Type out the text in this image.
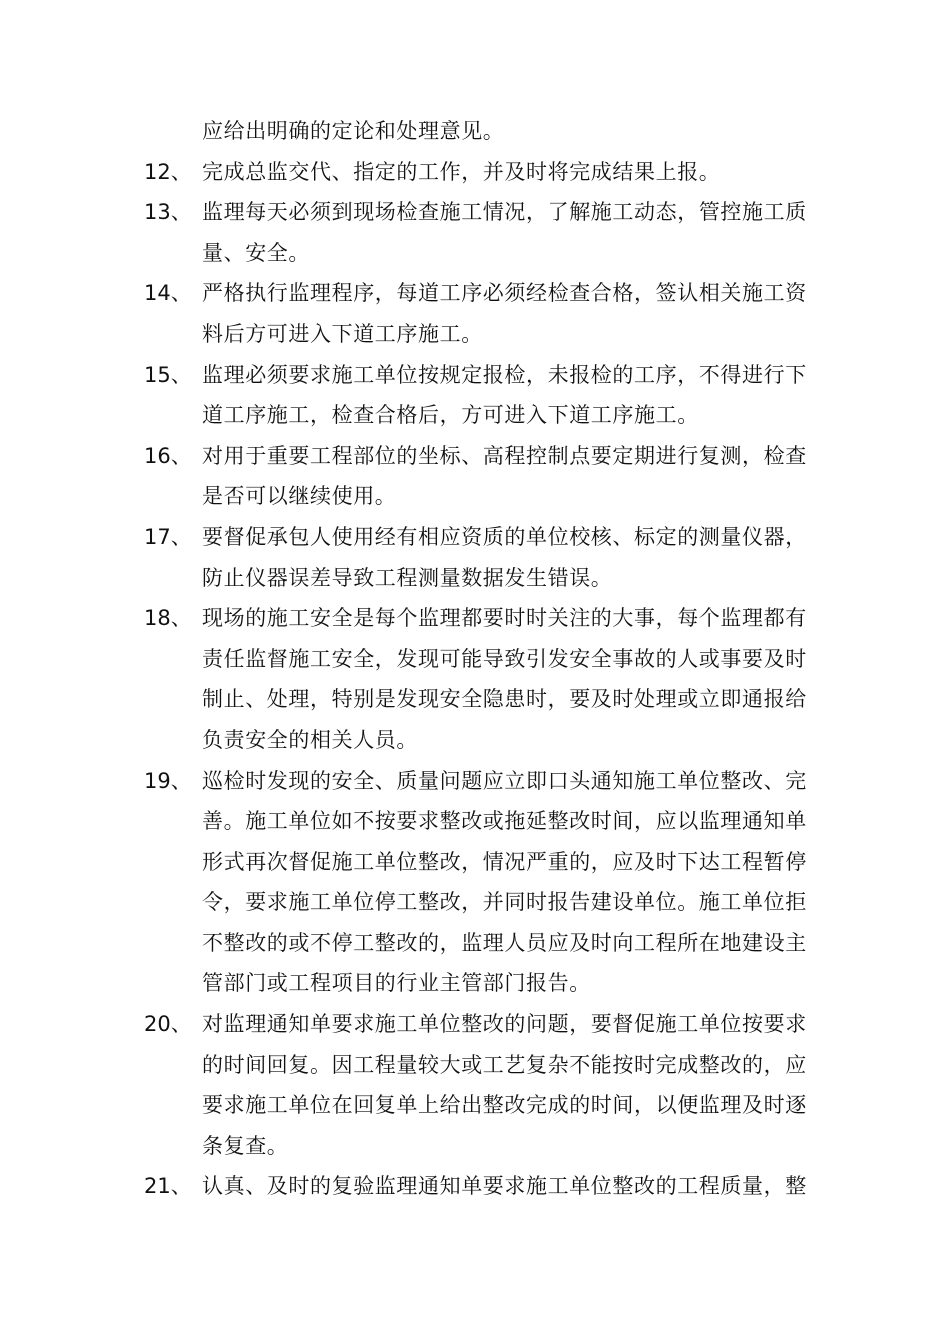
应给出明确的定论和处理意见。
12、 完成总监交代、指定的工作，并及时将完成结果上报。
13、 监理每天必须到现场检查施工情况，了解施工动态，管控施工质
量、安全。
14、 严格执行监理程序，每道工序必须经检查合格，签认相关施工资
料后方可进入下道工序施工。
15、 监理必须要求施工单位按规定报检，未报检的工序，不得进行下
道工序施工，检查合格后，方可进入下道工序施工。
16、 对用于重要工程部位的坐标、高程控制点要定期进行复测，检查
是否可以继续使用。
17、 要督促承包人使用经有相应资质的单位校核、标定的测量仪器，
防止仪器误差导致工程测量数据发生错误。
18、 现场的施工安全是每个监理都要时时关注的大事，每个监理都有
责任监督施工安全，发现可能导致引发安全事故的人或事要及时
制止、处理，特别是发现安全隐患时，要及时处理或立即通报给
负责安全的相关人员。
19、 巡检时发现的安全、质量问题应立即口头通知施工单位整改、完
善。施工单位如不按要求整改或拖延整改时间，应以监理通知单
形式再次督促施工单位整改，情况严重的，应及时下达工程暂停
令，要求施工单位停工整改，并同时报告建设单位。施工单位拒
不整改的或不停工整改的，监理人员应及时向工程所在地建设主
管部门或工程项目的行业主管部门报告。
20、 对监理通知单要求施工单位整改的问题，要督促施工单位按要求
的时间回复。因工程量较大或工艺复杂不能按时完成整改的，应
要求施工单位在回复单上给出整改完成的时间，以便监理及时逐
条复查。
21、 认真、及时的复验监理通知单要求施工单位整改的工程质量，整
